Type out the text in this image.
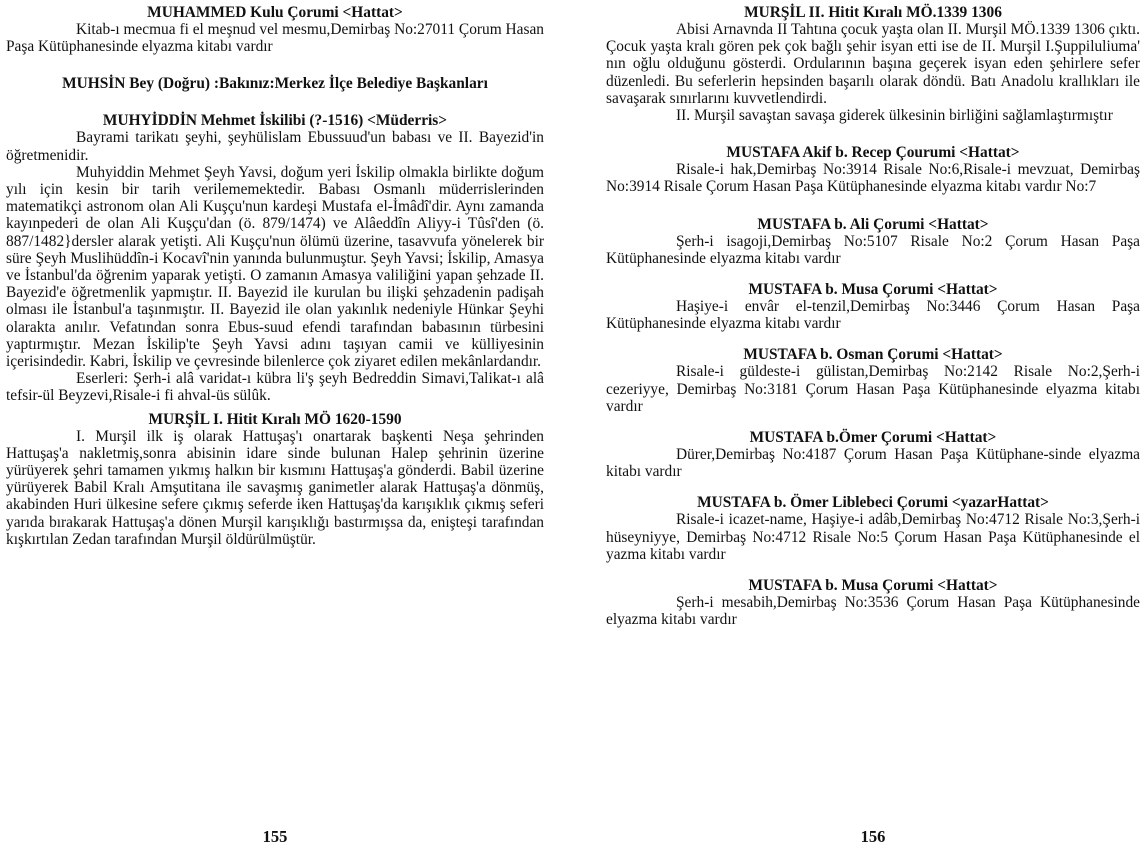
MUHAMMED Kulu Çorumi <Hattat>

Kitab-ı mecmua fi el meşnud vel mesmu,Demirbaş No:27011 Çorum Hasan Paşa Kütüphanesinde elyazma kitabı vardır

MUHSİN Bey (Doğru) :Bakınız:Merkez İlçe Belediye Başkanları

MUHYİDDİN Mehmet İskilibi (?-1516) <Müderris>

Bayrami tarikatı şeyhi, şeyhülislam Ebussuud'un babası ve II. Bayezid'in öğretmenidir.

Muhyiddin Mehmet Şeyh Yavsi, doğum yeri İskilip olmakla birlikte doğum yılı için kesin bir tarih verilememektedir. Babası Osmanlı müderrislerinden matematikçi astronom olan Ali Kuşçu'nun kardeşi Mustafa el-İmâdî'dir. Aynı zamanda kayınpederi de olan Ali Kuşçu'dan (ö. 879/1474) ve Alâeddîn Aliyy-i Tûsî'den (ö. 887/1482}dersler alarak yetişti. Ali Kuşçu'nun ölümü üzerine, tasavvufa yönelerek bir süre Şeyh Muslihüddîn-i Kocavî'nin yanında bulunmuştur. Şeyh Yavsi; İskilip, Amasya ve İstanbul'da öğrenim yaparak yetişti. O zamanın Amasya valiliğini yapan şehzade II. Bayezid'e öğretmenlik yapmıştır. II. Bayezid ile kurulan bu ilişki şehzadenin padişah olması ile İstanbul'a taşınmıştır. II. Bayezid ile olan yakınlık nedeniyle Hünkar Şeyhi olarakta anılır. Vefatından sonra Ebus-suud efendi tarafından babasının türbesini yaptırmıştır. Mezan İskilip'te Şeyh Yavsi adını taşıyan camii ve külliyesinin içerisindedir. Kabri, İskilip ve çevresinde bilenlerce çok ziyaret edilen mekânlardandır.

Eserleri: Şerh-i alâ varidat-ı kübra li'ş şeyh Bedreddin Simavi,Talikat-ı alâ tefsir-ül Beyzevi,Risale-i fi ahval-üs sülûk.

MURŞİL I. Hitit Kıralı MÖ 1620-1590

I. Murşil ilk iş olarak Hattuşaş'ı onartarak başkenti Neşa şehrinden Hattuşaş'a nakletmiş,sonra abisinin idare sinde bulunan Halep şehrinin üzerine yürüyerek şehri tamamen yıkmış halkın bir kısmını Hattuşaş'a gönderdi. Babil üzerine yürüyerek Babil Kralı Amşutitana ile savaşmış ganimetler alarak Hattuşaş'a dönmüş, akabinden Huri ülkesine sefere çıkmış seferde iken Hattuşaş'da karışıklık çıkmış seferi yarıda bırakarak Hattuşaş'a dönen Murşil karışıklığı bastırmışsa da, enişteşi tarafından kışkırtılan Zedan tarafından Murşil öldürülmüştür.

155

MURŞİL II. Hitit Kıralı MÖ.1339 1306

Abisi Arnavnda II Tahtına çocuk yaşta olan II. Murşil MÖ.1339 1306 çıktı. Çocuk yaşta kralı gören pek çok bağlı şehir isyan etti ise de II. Murşil I.Şuppiluliuma' nın oğlu olduğunu gösterdi. Ordularının başına geçerek isyan eden şehirlere sefer düzenledi. Bu seferlerin hepsinden başarılı olarak döndü. Batı Anadolu krallıkları ile savaşarak sınırlarını kuvvetlendirdi.

II. Murşil savaştan savaşa giderek ülkesinin birliğini sağlamlaştırmıştır

MUSTAFA Akif b. Recep Çourumi <Hattat>

Risale-i hak,Demirbaş No:3914 Risale No:6,Risale-i mevzuat, Demirbaş No:3914 Risale Çorum Hasan Paşa Kütüphanesinde elyazma kitabı vardır No:7

MUSTAFA b. Ali Çorumi <Hattat>

Şerh-i isagoji,Demirbaş No:5107 Risale No:2 Çorum Hasan Paşa Kütüphanesinde elyazma kitabı vardır

MUSTAFA b. Musa Çorumi <Hattat>

Haşiye-i envâr el-tenzil,Demirbaş No:3446 Çorum Hasan Paşa Kütüphanesinde elyazma kitabı vardır

MUSTAFA b. Osman Çorumi <Hattat>

Risale-i güldeste-i gülistan,Demirbaş No:2142 Risale No:2,Şerh-i cezeriyye, Demirbaş No:3181 Çorum Hasan Paşa Kütüphanesinde elyazma kitabı vardır

MUSTAFA b.Ömer Çorumi <Hattat>

Dürer,Demirbaş No:4187 Çorum Hasan Paşa Kütüphane-sinde elyazma kitabı vardır

MUSTAFA b. Ömer Liblebeci Çorumi <yazarHattat>

Risale-i icazet-name, Haşiye-i adâb,Demirbaş No:4712 Risale No:3,Şerh-i hüseyniyye, Demirbaş No:4712 Risale No:5 Çorum Hasan Paşa Kütüphanesinde el yazma kitabı vardır

MUSTAFA b. Musa Çorumi <Hattat>

Şerh-i mesabih,Demirbaş No:3536 Çorum Hasan Paşa Kütüphanesinde elyazma kitabı vardır

156
